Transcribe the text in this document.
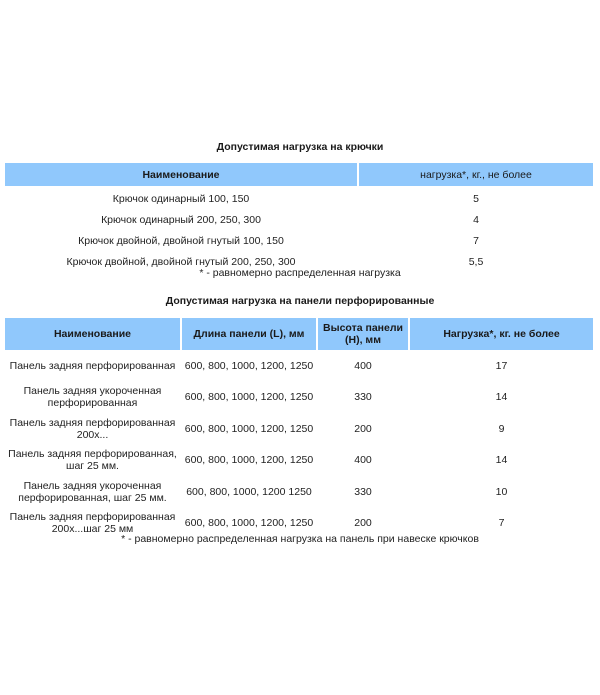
Допустимая нагрузка на крючки
Наименование	нагрузка*, кг., не более
Крючок одинарный 100, 150	5
Крючок одинарный 200, 250, 300	4
Крючок двойной, двойной гнутый 100, 150	7
Крючок двойной, двойной гнутый 200, 250, 300	5,5
* - равномерно распределенная нагрузка
Допустимая нагрузка на панели перфорированные
Наименование	Длина панели (L), мм	Высота панели (H), мм	Нагрузка*, кг. не более
Панель задняя перфорированная	600, 800, 1000, 1200, 1250	400	17
Панель задняя укороченная перфорированная	600, 800, 1000, 1200, 1250	330	14
Панель задняя перфорированная 200х...	600, 800, 1000, 1200, 1250	200	9
Панель задняя перфорированная, шаг 25 мм.	600, 800, 1000, 1200, 1250	400	14
Панель задняя укороченная перфорированная, шаг 25 мм.	600, 800, 1000, 1200 1250	330	10
Панель задняя перфорированная 200х...шаг 25 мм	600, 800, 1000, 1200, 1250	200	7
* - равномерно распределенная нагрузка на панель при навеске крючков
